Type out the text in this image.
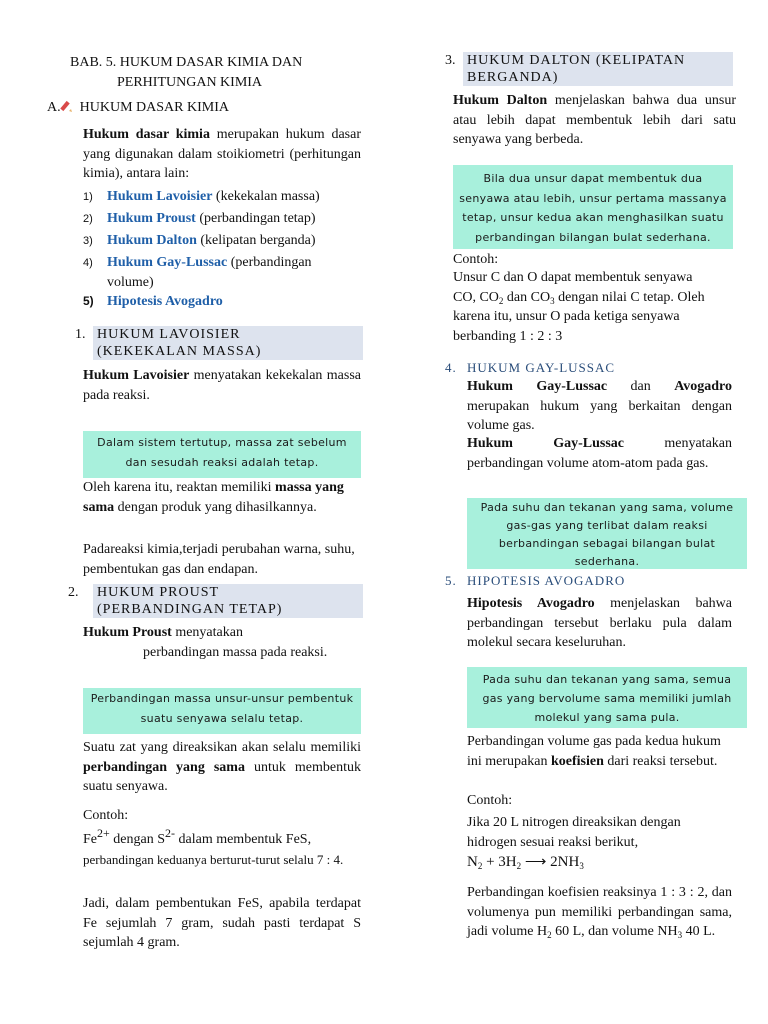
BAB. 5. HUKUM DASAR KIMIA DAN
PERHITUNGAN KIMIA
A. HUKUM DASAR KIMIA

Hukum dasar kimia merupakan hukum dasar yang digunakan dalam stoikiometri (perhitungan kimia), antara lain:

1) Hukum Lavoisier (kekekalan massa)
2) Hukum Proust (perbandingan tetap)
3) Hukum Dalton (kelipatan berganda)
4) Hukum Gay-Lussac (perbandingan
volume)
5) Hipotesis Avogadro
1. HUKUM LAVOISIER
(KEKEKALAN MASSA)

Hukum Lavoisier menyatakan kekekalan massa pada reaksi.

Dalam sistem tertutup, massa zat sebelum
dan sesudah reaksi adalah tetap.

Oleh karena itu, reaktan memiliki massa yang sama dengan produk yang dihasilkannya.

Padareaksi kimia,terjadi perubahan warna, suhu, pembentukan gas dan endapan.

2. HUKUM PROUST
(PERBANDINGAN TETAP)

Hukum Proust menyatakan
perbandingan massa pada reaksi.

Perbandingan massa unsur-unsur pembentuk
suatu senyawa selalu tetap.

Suatu zat yang direaksikan akan selalu memiliki perbandingan yang sama untuk membentuk suatu senyawa.

Contoh:

$Fe^{2+}$ dengan $S^{2-}$ dalam membentuk FeS,
perbandingan keduanya berturut-turut selalu 7 : 4.

Jadi, dalam pembentukan FeS, apabila terdapat Fe sejumlah 7 gram, sudah pasti terdapat S sejumlah 4 gram.

3. HUKUM DALTON (KELIPATAN
BERGANDA)

Hukum Dalton menjelaskan bahwa dua unsur atau lebih dapat membentuk lebih dari satu senyawa yang berbeda.

Bila dua unsur dapat membentuk dua
senyawa atau lebih, unsur pertama massanya
tetap, unsur kedua akan menghasilkan suatu
perbandingan bilangan bulat sederhana.

Contoh:

Unsur C dan O dapat membentuk senyawa
CO, $CO_2$ dan $CO_3$ dengan nilai C tetap. Oleh
karena itu, unsur O pada ketiga senyawa
berbanding 1 : 2 : 3
4. HUKUM GAY-LUSSAC

Hukum Gay-Lussac dan Avogadro merupakan hukum yang berkaitan dengan volume gas.

Hukum Gay-Lussac menyatakan perbandingan volume atom-atom pada gas.

Pada suhu dan tekanan yang sama, volume
gas-gas yang terlibat dalam reaksi
berbandingan sebagai bilangan bulat
sederhana.
5. HIPOTESIS AVOGADRO

Hipotesis Avogadro menjelaskan bahwa perbandingan tersebut berlaku pula dalam molekul secara keseluruhan.

Pada suhu dan tekanan yang sama, semua
gas yang bervolume sama memiliki jumlah
molekul yang sama pula.

Perbandingan volume gas pada kedua hukum ini merupakan koefisien dari reaksi tersebut.

Contoh:

Jika 20 L nitrogen direaksikan dengan hidrogen sesuai reaksi berikut,

$N_2 + 3H_2$ ⟶ $2NH_3$

Perbandingan koefisien reaksinya 1 : 3 : 2, dan volumenya pun memiliki perbandingan sama, jadi volume $H_2$ 60 L, dan volume $NH_3$ 40 L.
